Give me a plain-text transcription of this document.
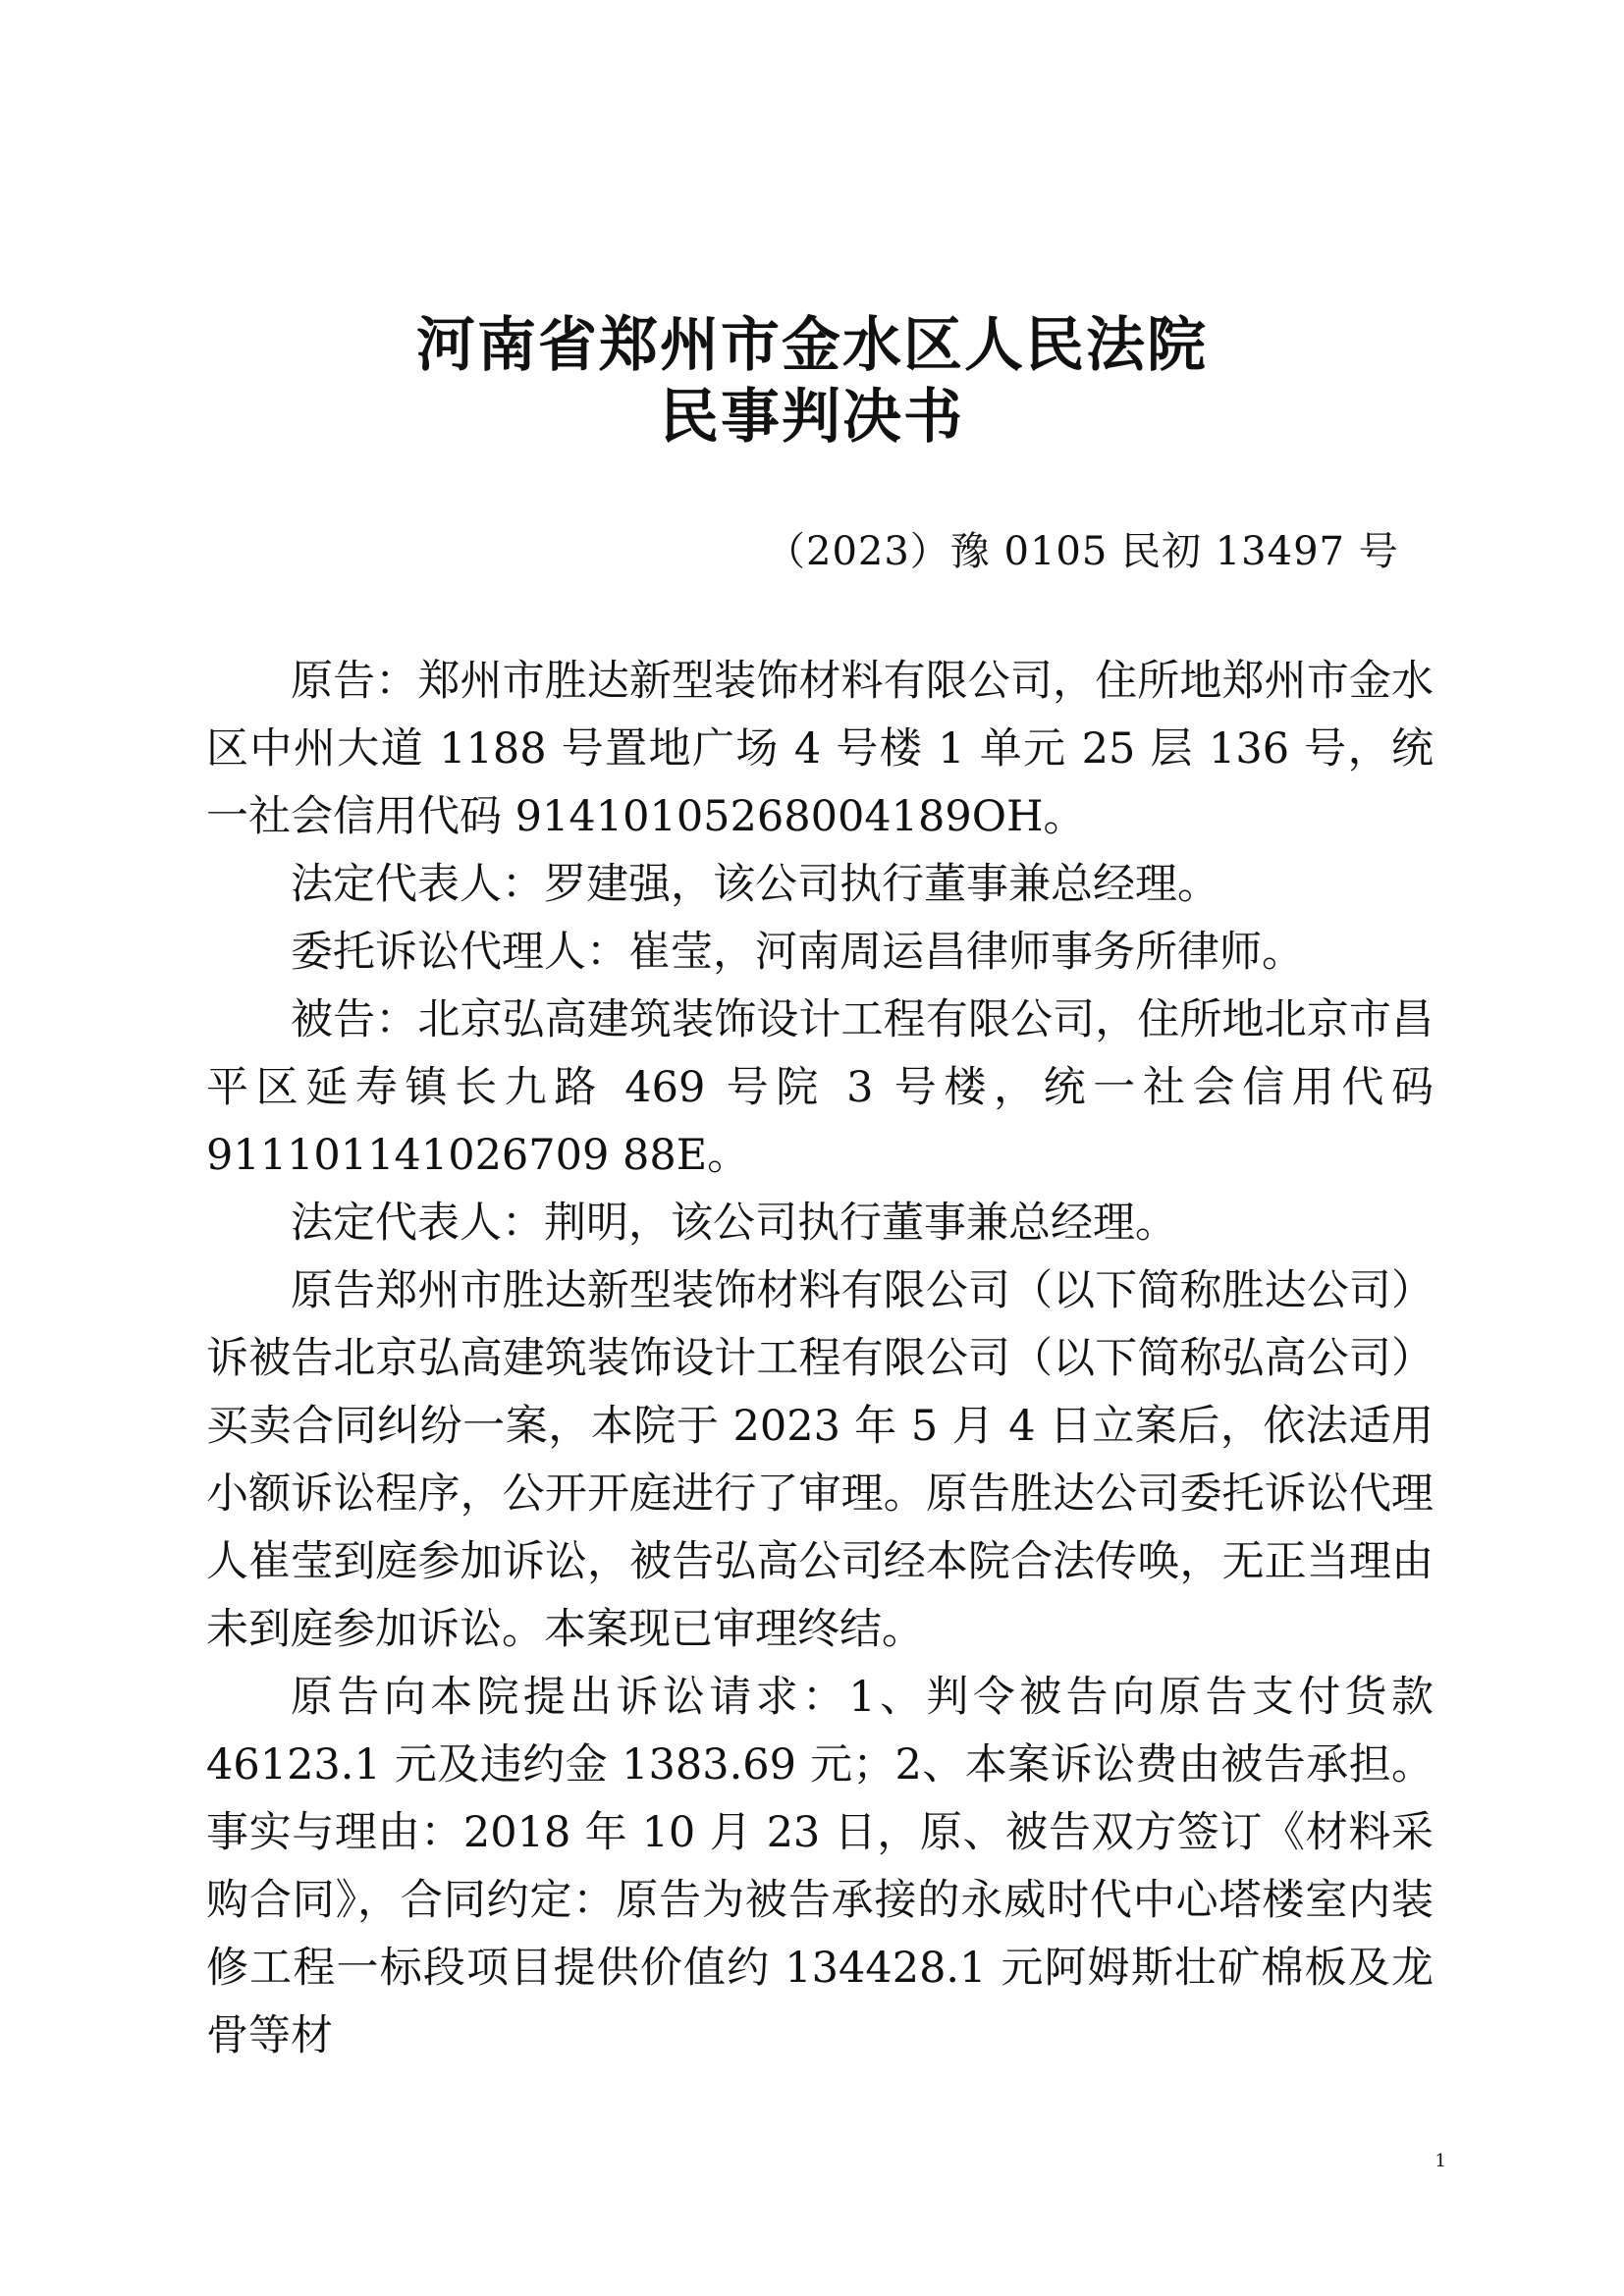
河南省郑州市金水区人民法院
民事判决书
（2023）豫 0105 民初 13497 号

原告：郑州市胜达新型装饰材料有限公司，住所地郑州市金水区中州大道 1188 号置地广场 4 号楼 1 单元 25 层 136 号，统一社会信用代码 91410105268004189OH。

法定代表人：罗建强，该公司执行董事兼总经理。

委托诉讼代理人：崔莹，河南周运昌律师事务所律师。

被告：北京弘高建筑装饰设计工程有限公司，住所地北京市昌平区延寿镇长九路 469 号院 3 号楼，统一社会信用代码 911101141026709 88E。

法定代表人：荆明，该公司执行董事兼总经理。

原告郑州市胜达新型装饰材料有限公司（以下简称胜达公司）诉被告北京弘高建筑装饰设计工程有限公司（以下简称弘高公司）买卖合同纠纷一案，本院于 2023 年 5 月 4 日立案后，依法适用小额诉讼程序，公开开庭进行了审理。原告胜达公司委托诉讼代理人崔莹到庭参加诉讼，被告弘高公司经本院合法传唤，无正当理由未到庭参加诉讼。本案现已审理终结。

原告向本院提出诉讼请求：1、判令被告向原告支付货款 46123.1 元及违约金 1383.69 元；2、本案诉讼费由被告承担。事实与理由：2018 年 10 月 23 日，原、被告双方签订《材料采购合同》，合同约定：原告为被告承接的永威时代中心塔楼室内装修工程一标段项目提供价值约 134428.1 元阿姆斯壮矿棉板及龙骨等材

1
